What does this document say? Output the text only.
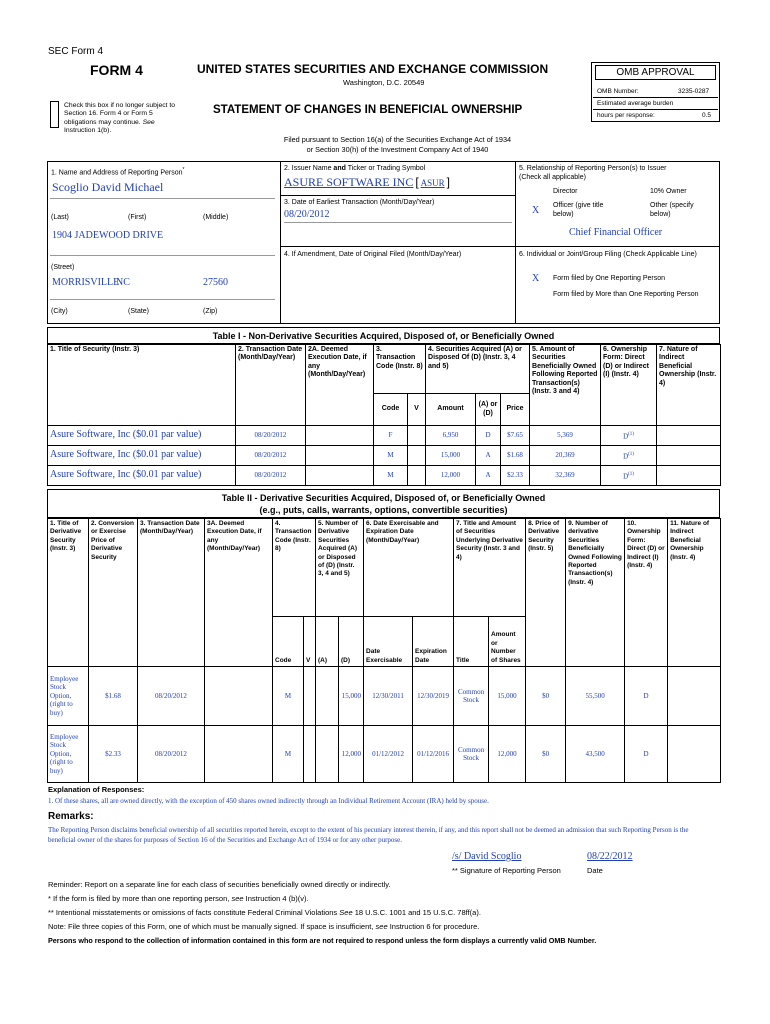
SEC Form 4
FORM 4	UNITED STATES SECURITIES AND EXCHANGE COMMISSION
Washington, D.C. 20549
Check this box if no longer subject to Section 16. Form 4 or Form 5 obligations may continue. See Instruction 1(b).
STATEMENT OF CHANGES IN BENEFICIAL OWNERSHIP
Filed pursuant to Section 16(a) of the Securities Exchange Act of 1934
or Section 30(h) of the Investment Company Act of 1940
OMB APPROVAL
OMB Number:	3235-0287
Estimated average burden
hours per response:	0.5
1. Name and Address of Reporting Person*
Scoglio David Michael
(Last)	(First)	(Middle)
1904 JADEWOOD DRIVE
(Street)
MORRISVILLE
NC	27560
(City)	(State)	(Zip)
2. Issuer Name and Ticker or Trading Symbol
ASURE SOFTWARE INC [ ASUR ]
3. Date of Earliest Transaction (Month/Day/Year)
08/20/2012
4. If Amendment, Date of Original Filed (Month/Day/Year)
5. Relationship of Reporting Person(s) to Issuer
(Check all applicable)
Director	10% Owner
X Officer (give title below)
Other (specify below)
Chief Financial Officer
6. Individual or Joint/Group Filing (Check Applicable Line)
X Form filed by One Reporting Person
Form filed by More than One Reporting Person
Table I - Non-Derivative Securities Acquired, Disposed of, or Beneficially Owned
1. Title of Security (Instr. 3)	2. Transaction Date (Month/Day/Year)	2A. Deemed Execution Date, if any (Month/Day/Year)	3. Transaction Code (Instr. 8)		4. Securities Acquired (A) or Disposed Of (D) (Instr. 3, 4 and 5)			5. Amount of Securities Beneficially Owned Following Reported Transaction(s) (Instr. 3 and 4)	6. Ownership Form: Direct (D) or Indirect (I) (Instr. 4)	7. Nature of Indirect Beneficial Ownership (Instr. 4)
			Code	V	Amount	(A) or (D)	Price			
Asure Software, Inc ($0.01 par value)	08/20/2012		F		6,950	D	$7.65	5,369	$D^{(1)}$	
Asure Software, Inc ($0.01 par value)	08/20/2012		M		15,000	A	$1.68	20,369	$D^{(1)}$	
Asure Software, Inc ($0.01 par value)	08/20/2012		M		12,000	A	$2.33	32,369	$D^{(1)}$	
Table II - Derivative Securities Acquired, Disposed of, or Beneficially Owned
(e.g., puts, calls, warrants, options, convertible securities)
1. Title of Derivative Security (Instr. 3)	2. Conversion or Exercise Price of Derivative Security	3. Transaction Date (Month/Day/Year)	3A. Deemed Execution Date, if any (Month/Day/Year)	4. Transaction Code (Instr. 8)		5. Number of Derivative Securities Acquired (A) or Disposed of (D) (Instr. 3, 4 and 5)		6. Date Exercisable and Expiration Date (Month/Day/Year)		7. Title and Amount of Securities Underlying Derivative Security (Instr. 3 and 4)		8. Price of Derivative Security (Instr. 5)	9. Number of derivative Securities Beneficially Owned Following Reported Transaction(s) (Instr. 4)	10. Ownership Form: Direct (D) or Indirect (I) (Instr. 4)	11. Nature of Indirect Beneficial Ownership (Instr. 4)
				Code	V	(A)	(D)	Date Exercisable	Expiration Date	Title	Amount or Number of Shares				
Employee Stock Option, (right to buy)	$1.68	08/20/2012		M			15,000	12/30/2011	12/30/2019	Common Stock	15,000	$0	55,500	D	
Employee Stock Option, (right to buy)	$2.33	08/20/2012		M			12,000	01/12/2012	01/12/2016	Common Stock	12,000	$0	43,500	D	
Explanation of Responses:
1. Of these shares, all are owned directly, with the exception of 450 shares owned indirectly through an Individual Retirement Account (IRA) held by spouse.
Remarks:
The Reporting Person disclaims beneficial ownership of all securities reported herein, except to the extent of his pecuniary interest therein, if any, and this report shall not be deemed an admission that such Reporting Person is the beneficial owner of the shares for purposes of Section 16 of the Securities and Exchange Act of 1934 or for any other purpose.
/s/ David Scoglio	08/22/2012
** Signature of Reporting Person	Date
Reminder: Report on a separate line for each class of securities beneficially owned directly or indirectly.
* If the form is filed by more than one reporting person, see Instruction 4 (b)(v).
** Intentional misstatements or omissions of facts constitute Federal Criminal Violations See 18 U.S.C. 1001 and 15 U.S.C. 78ff(a).
Note: File three copies of this Form, one of which must be manually signed. If space is insufficient, see Instruction 6 for procedure.
Persons who respond to the collection of information contained in this form are not required to respond unless the form displays a currently valid OMB Number.
